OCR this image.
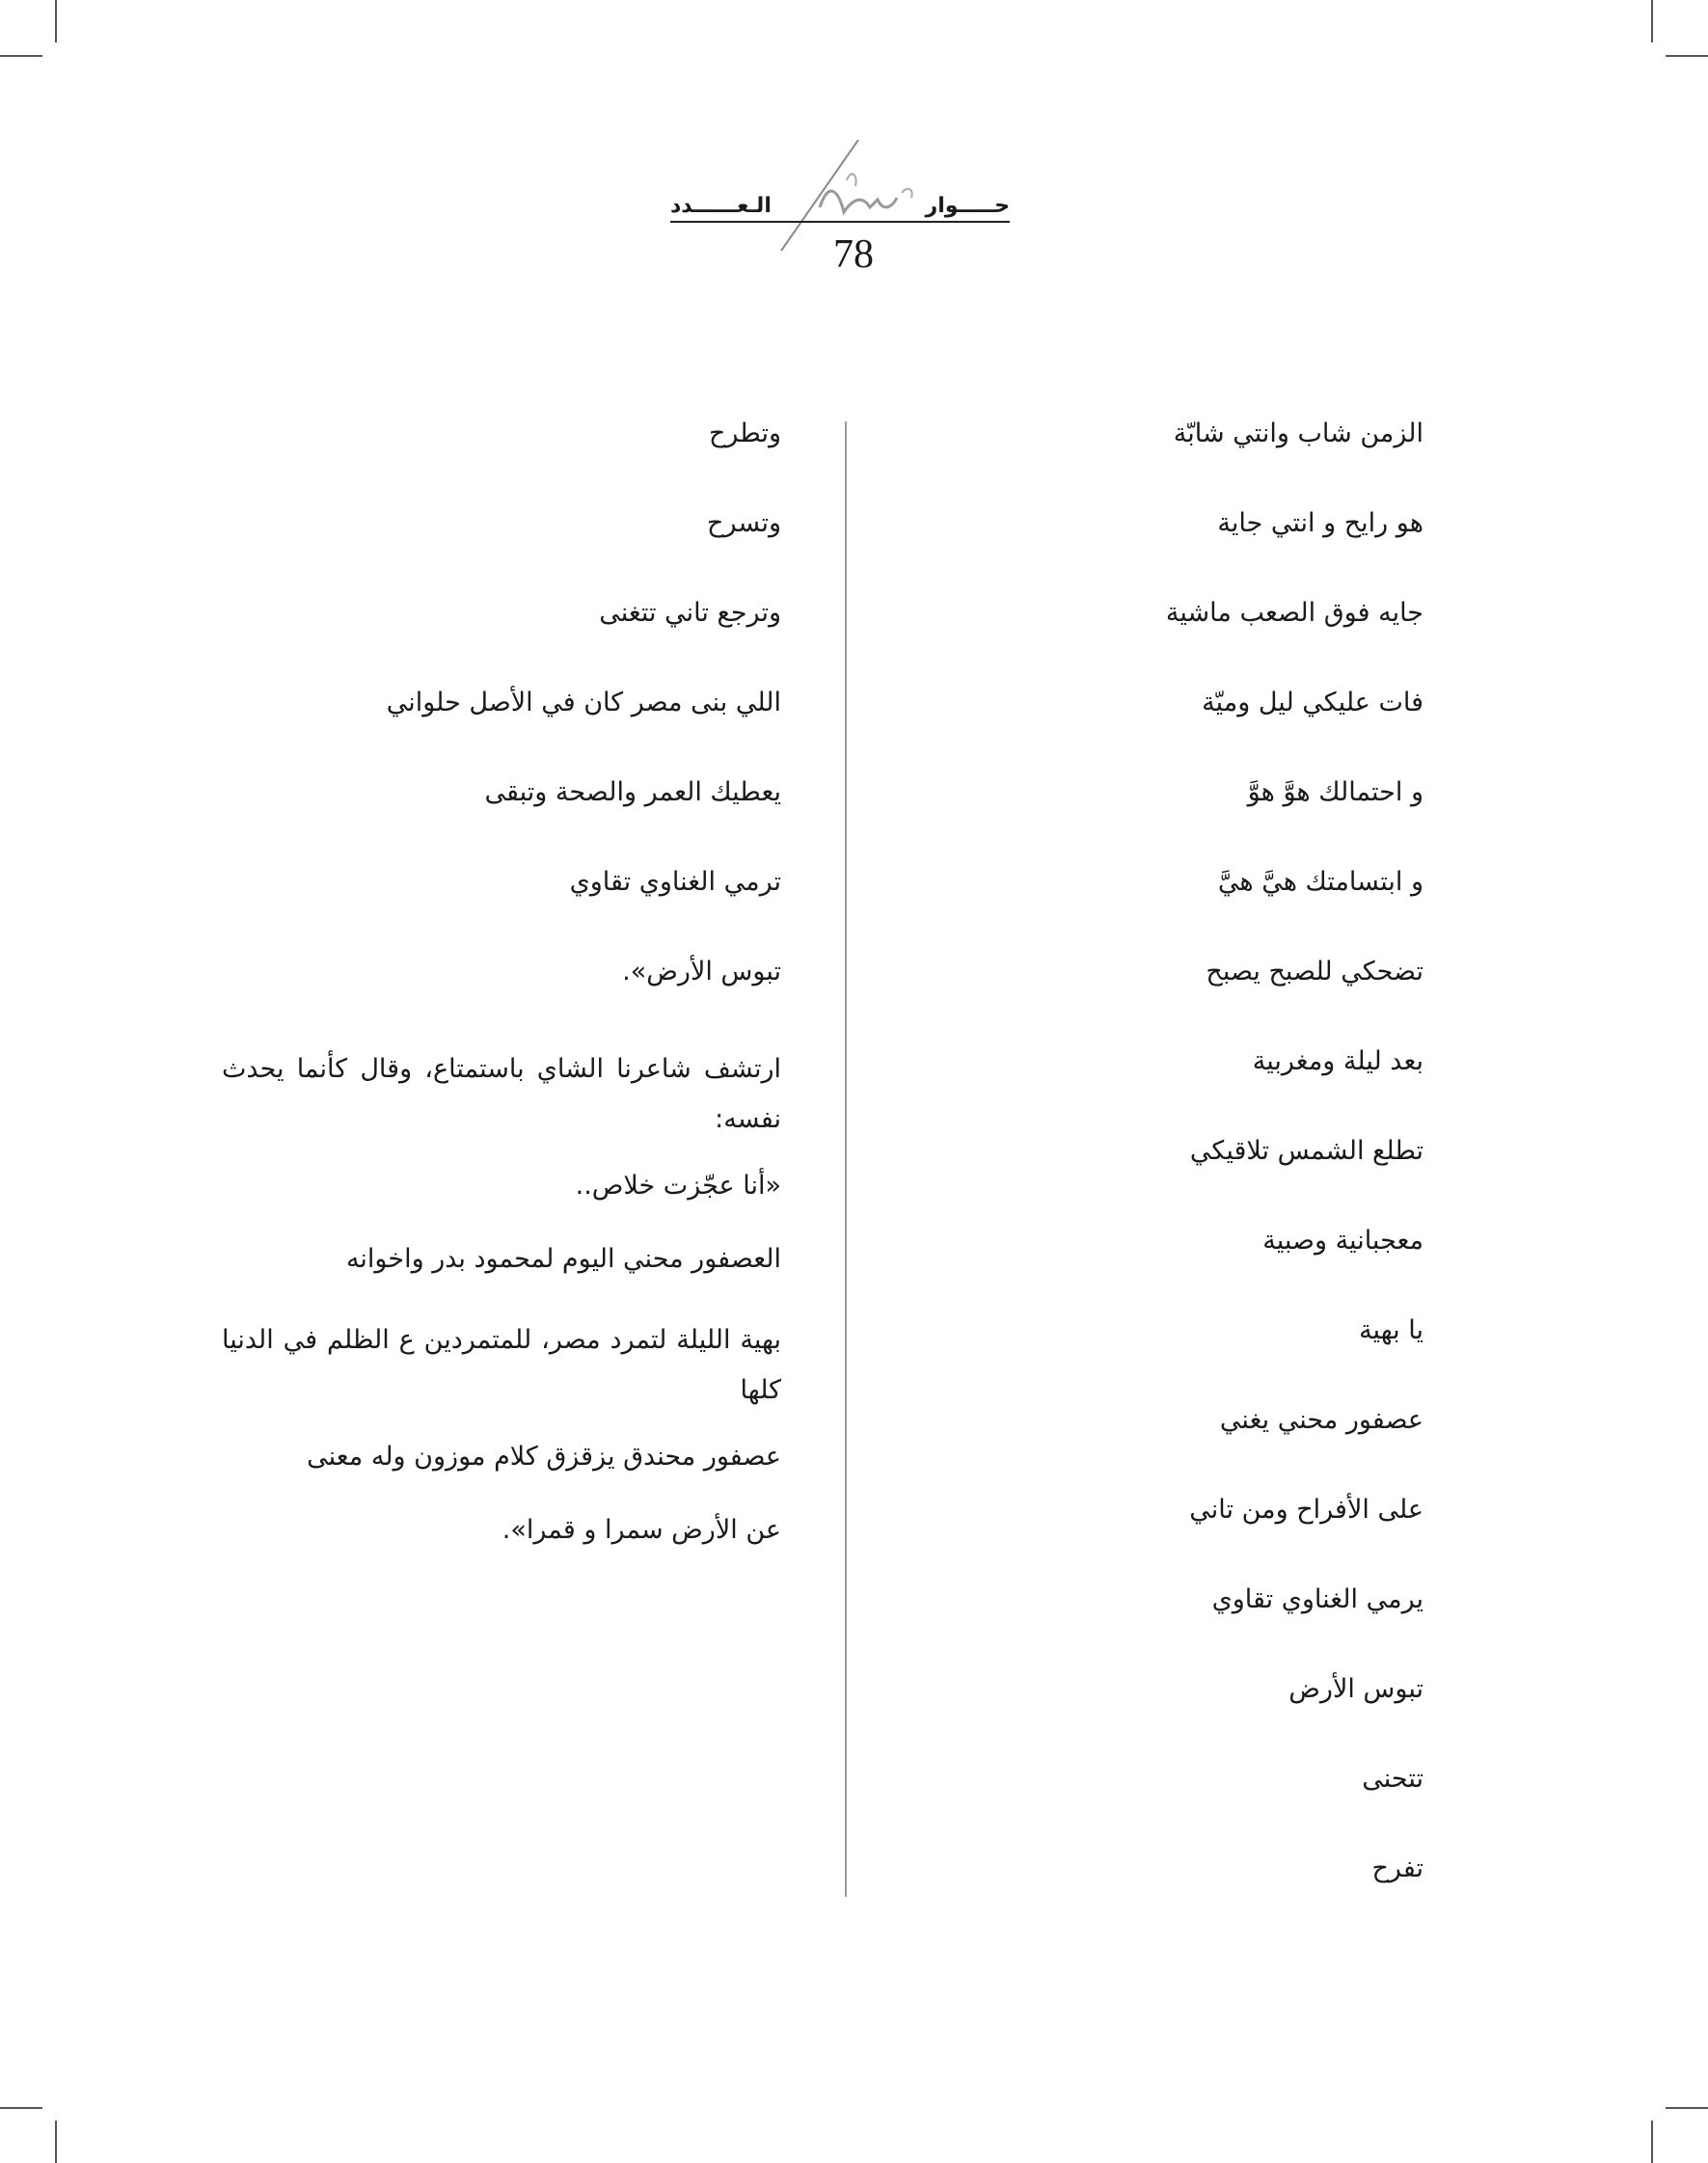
الـعــــــدد	حـــــوار
78
الزمن شاب وانتي شابّة
هو رايح و انتي جاية
جايه فوق الصعب ماشية
فات عليكي ليل وميّة
و احتمالك هوَّ هوَّ
و ابتسامتك هيَّ هيَّ
تضحكي للصبح يصبح
بعد ليلة ومغربية
تطلع الشمس تلاقيكي
معجبانية وصبية
يا بهية
عصفور محني يغني
على الأفراح ومن تاني
يرمي الغناوي تقاوي
تبوس الأرض
تتحنى
تفرح
وتطرح
وتسرح
وترجع تاني تتغنى
اللي بنى مصر كان في الأصل حلواني
يعطيك العمر والصحة وتبقى
ترمي الغناوي تقاوي
تبوس الأرض».
ارتشف شاعرنا الشاي باستمتاع، وقال كأنما يحدث نفسه:
«أنا عجّزت خلاص..
العصفور محني اليوم لمحمود بدر واخوانه
بهية الليلة لتمرد مصر، للمتمردين ع الظلم في الدنيا كلها
عصفور محندق يزقزق كلام موزون وله معنى
عن الأرض سمرا و قمرا».
